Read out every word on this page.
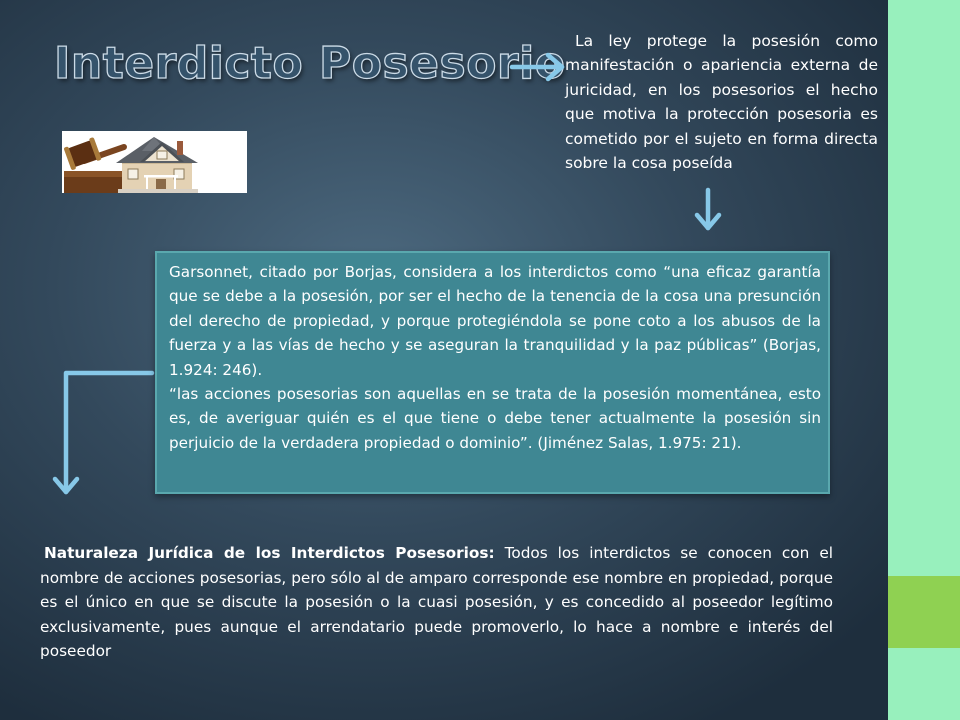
Interdicto Posesorio La ley protege la posesión como manifestación o apariencia externa de juricidad, en los posesorios el hecho que motiva la protección posesoria es cometido por el sujeto en forma directa sobre la cosa poseída

Garsonnet, citado por Borjas, considera a los interdictos como “una eficaz garantía que se debe a la posesión, por ser el hecho de la tenencia de la cosa una presunción del derecho de propiedad, y porque protegiéndola se pone coto a los abusos de la fuerza y a las vías de hecho y se aseguran la tranquilidad y la paz públicas” (Borjas, 1.924: 246).

“las acciones posesorias son aquellas en se trata de la posesión momentánea, esto es, de averiguar quién es el que tiene o debe tener actualmente la posesión sin perjuicio de la verdadera propiedad o dominio”. (Jiménez Salas, 1.975: 21).

Naturaleza Jurídica de los Interdictos Posesorios: Todos los interdictos se conocen con el nombre de acciones posesorias, pero sólo al de amparo corresponde ese nombre en propiedad, porque es el único en que se discute la posesión o la cuasi posesión, y es concedido al poseedor legítimo exclusivamente, pues aunque el arrendatario puede promoverlo, lo hace a nombre e interés del poseedor
